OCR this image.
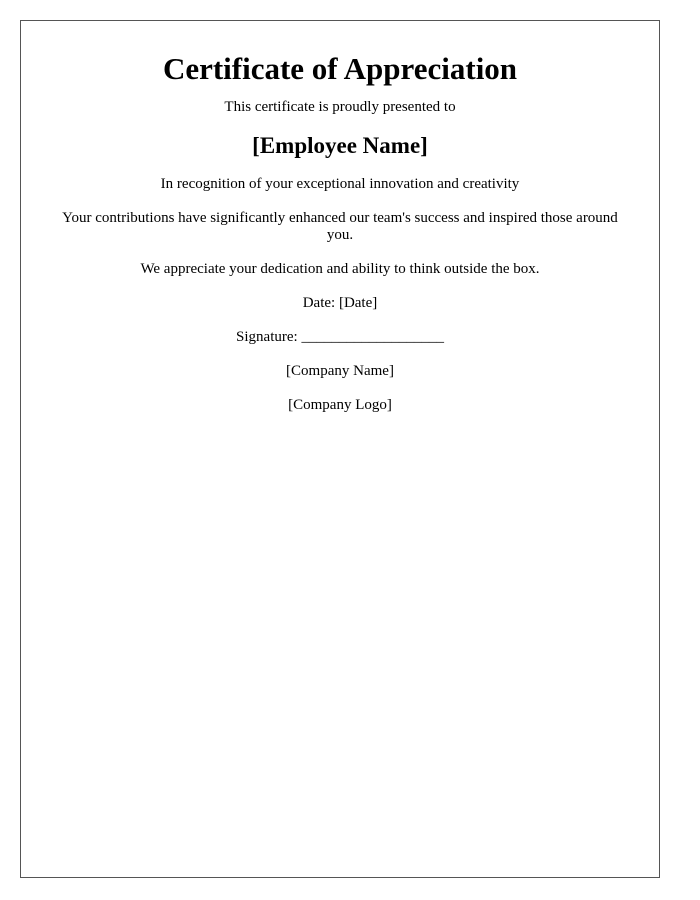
Certificate of Appreciation

This certificate is proudly presented to

[Employee Name]

In recognition of your exceptional innovation and creativity

Your contributions have significantly enhanced our team's success and inspired those around you.

We appreciate your dedication and ability to think outside the box.

Date: [Date]

Signature: ___________________

[Company Name]

[Company Logo]
